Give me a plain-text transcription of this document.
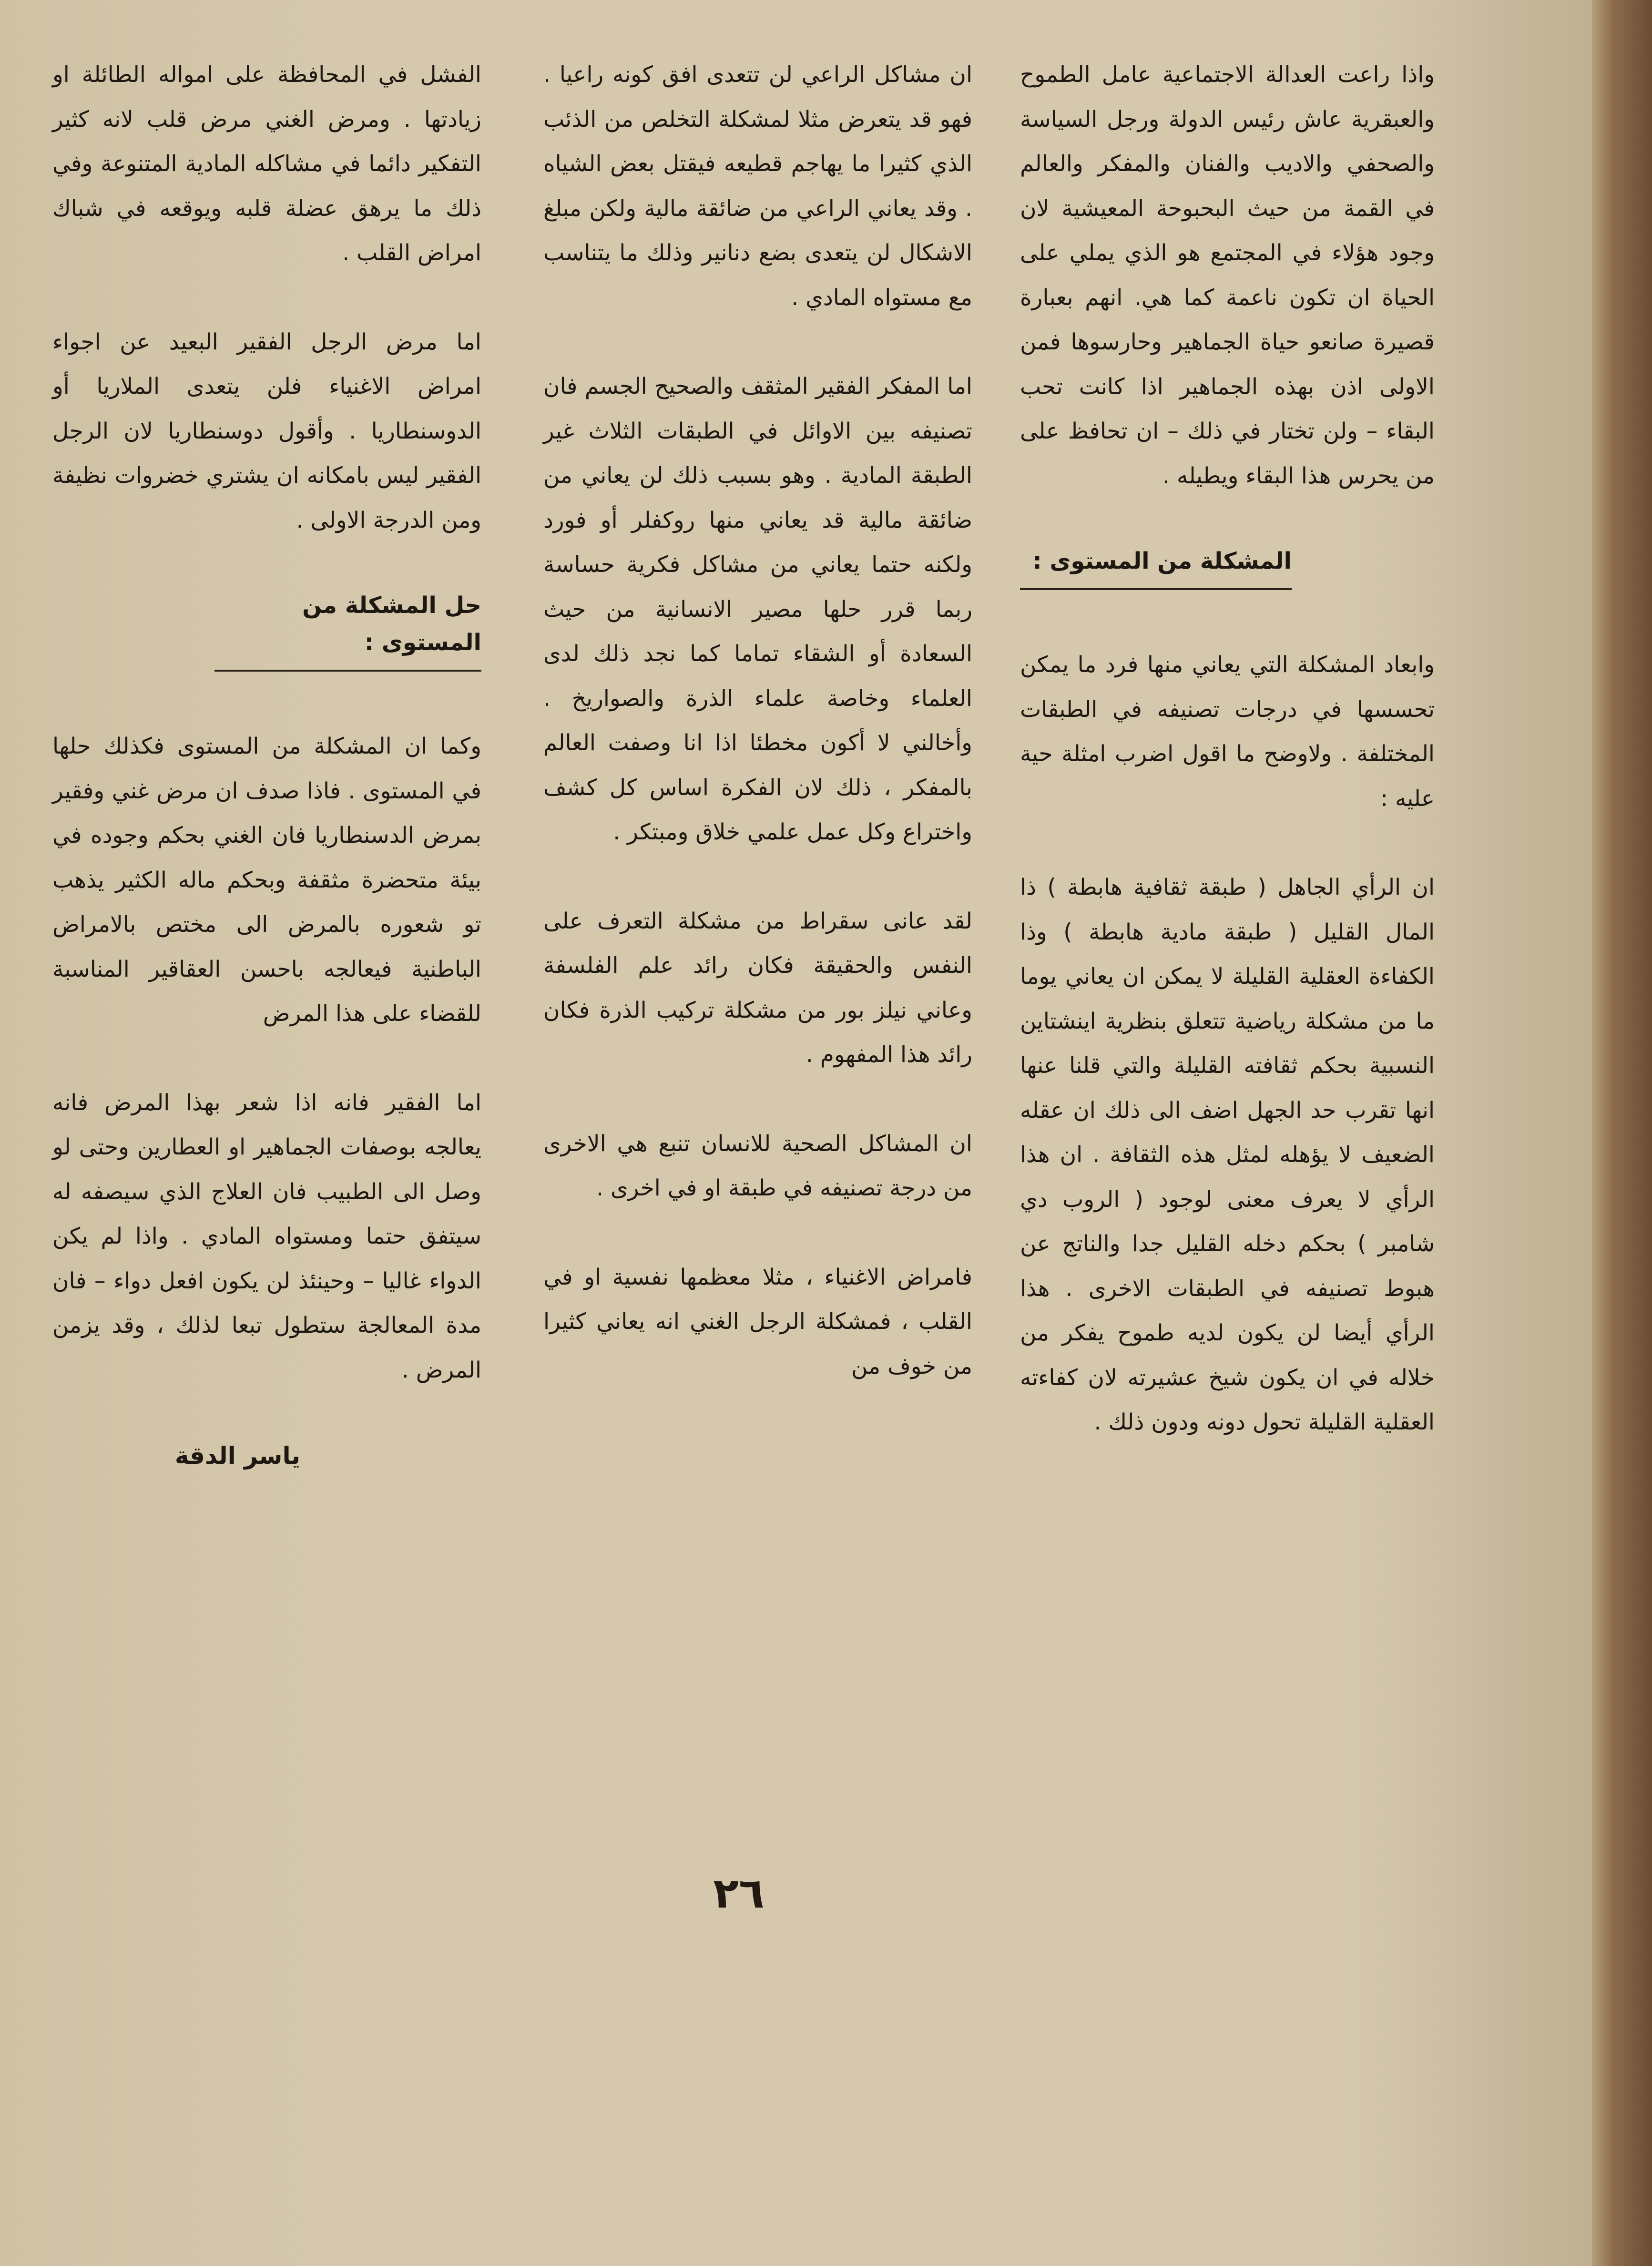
واذا راعت العدالة الاجتماعية عامل الطموح والعبقرية عاش رئيس الدولة ورجل السياسة والصحفي والاديب والفنان والمفكر والعالم في القمة من حيث البحبوحة المعيشية لان وجود هؤلاء في المجتمع هو الذي يملي على الحياة ان تكون ناعمة كما هي. انهم بعبارة قصيرة صانعو حياة الجماهير وحارسوها فمن الاولى اذن بهذه الجماهير اذا كانت تحب البقاء – ولن تختار في ذلك – ان تحافظ على من يحرس هذا البقاء ويطيله .

المشكلة من المستوى :

وابعاد المشكلة التي يعاني منها فرد ما يمكن تحسسها في درجات تصنيفه في الطبقات المختلفة . ولاوضح ما اقول اضرب امثلة حية عليه :

ان الرأي الجاهل ( طبقة ثقافية هابطة ) ذا المال القليل ( طبقة مادية هابطة ) وذا الكفاءة العقلية القليلة لا يمكن ان يعاني يوما ما من مشكلة رياضية تتعلق بنظرية اينشتاين النسبية بحكم ثقافته القليلة والتي قلنا عنها انها تقرب حد الجهل اضف الى ذلك ان عقله الضعيف لا يؤهله لمثل هذه الثقافة . ان هذا الرأي لا يعرف معنى لوجود ( الروب دي شامبر ) بحكم دخله القليل جدا والناتج عن هبوط تصنيفه في الطبقات الاخرى . هذا الرأي أيضا لن يكون لديه طموح يفكر من خلاله في ان يكون شيخ عشيرته لان كفاءته العقلية القليلة تحول دونه ودون ذلك .

ان مشاكل الراعي لن تتعدى افق كونه راعيا . فهو قد يتعرض مثلا لمشكلة التخلص من الذئب الذي كثيرا ما يهاجم قطيعه فيقتل بعض الشياه . وقد يعاني الراعي من ضائقة مالية ولكن مبلغ الاشكال لن يتعدى بضع دنانير وذلك ما يتناسب مع مستواه المادي .

اما المفكر الفقير المثقف والصحيح الجسم فان تصنيفه بين الاوائل في الطبقات الثلاث غير الطبقة المادية . وهو بسبب ذلك لن يعاني من ضائقة مالية قد يعاني منها روكفلر أو فورد ولكنه حتما يعاني من مشاكل فكرية حساسة ربما قرر حلها مصير الانسانية من حيث السعادة أو الشقاء تماما كما نجد ذلك لدى العلماء وخاصة علماء الذرة والصواريخ . وأخالني لا أكون مخطئا اذا انا وصفت العالم بالمفكر ، ذلك لان الفكرة اساس كل كشف واختراع وكل عمل علمي خلاق ومبتكر .

لقد عانى سقراط من مشكلة التعرف على النفس والحقيقة فكان رائد علم الفلسفة وعاني نيلز بور من مشكلة تركيب الذرة فكان رائد هذا المفهوم .

ان المشاكل الصحية للانسان تنبع هي الاخرى من درجة تصنيفه في طبقة او في اخرى .

فامراض الاغنياء ، مثلا معظمها نفسية او في القلب ، فمشكلة الرجل الغني انه يعاني كثيرا من خوف من

الفشل في المحافظة على امواله الطائلة او زيادتها . ومرض الغني مرض قلب لانه كثير التفكير دائما في مشاكله المادية المتنوعة وفي ذلك ما يرهق عضلة قلبه ويوقعه في شباك امراض القلب .

اما مرض الرجل الفقير البعيد عن اجواء امراض الاغنياء فلن يتعدى الملاريا أو الدوسنطاريا . وأقول دوسنطاريا لان الرجل الفقير ليس بامكانه ان يشتري خضروات نظيفة ومن الدرجة الاولى .

حل المشكلة من المستوى :

وكما ان المشكلة من المستوى فكذلك حلها في المستوى . فاذا صدف ان مرض غني وفقير بمرض الدسنطاريا فان الغني بحكم وجوده في بيئة متحضرة مثقفة وبحكم ماله الكثير يذهب تو شعوره بالمرض الى مختص بالامراض الباطنية فيعالجه باحسن العقاقير المناسبة للقضاء على هذا المرض

اما الفقير فانه اذا شعر بهذا المرض فانه يعالجه بوصفات الجماهير او العطارين وحتى لو وصل الى الطبيب فان العلاج الذي سيصفه له سيتفق حتما ومستواه المادي . واذا لم يكن الدواء غاليا – وحينئذ لن يكون افعل دواء – فان مدة المعالجة ستطول تبعا لذلك ، وقد يزمن المرض .

ياسر الدقة
٢٦
